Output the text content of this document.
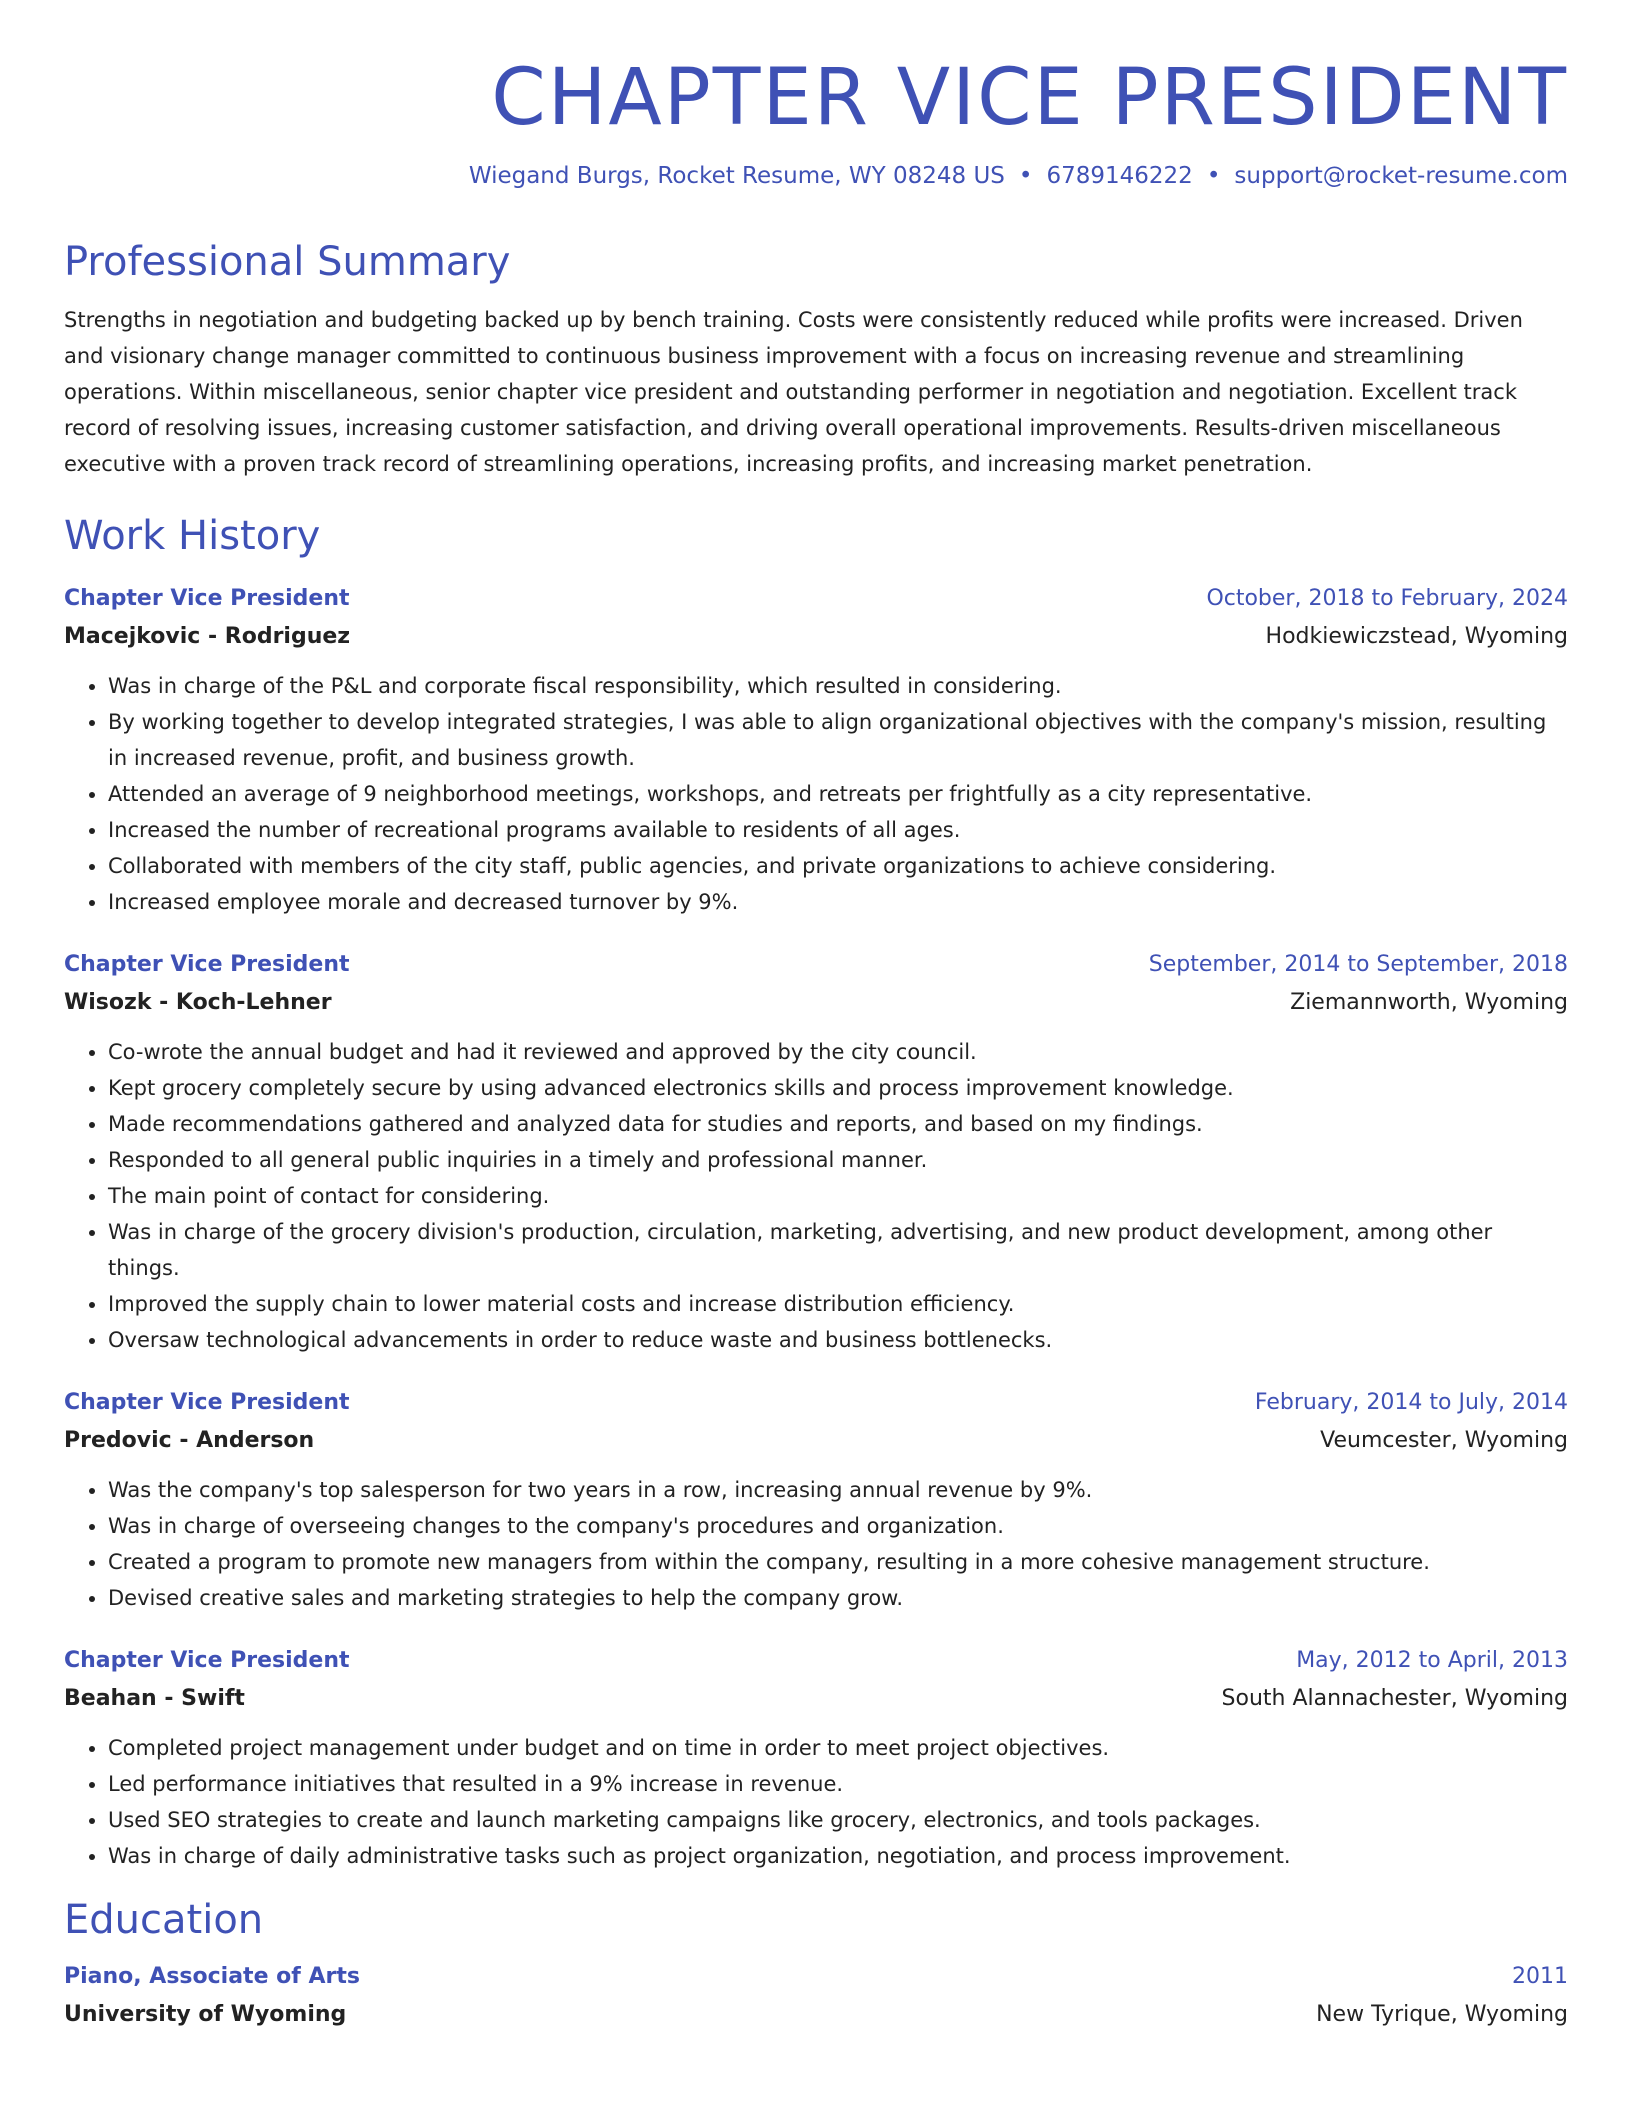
CHAPTER VICE PRESIDENT
Wiegand Burgs, Rocket Resume, WY 08248 US • 6789146222 • support@rocket-resume.com
Professional Summary
Strengths in negotiation and budgeting backed up by bench training. Costs were consistently reduced while profits were increased. Driven and visionary change manager committed to continuous business improvement with a focus on increasing revenue and streamlining operations. Within miscellaneous, senior chapter vice president and outstanding performer in negotiation and negotiation. Excellent track record of resolving issues, increasing customer satisfaction, and driving overall operational improvements. Results-driven miscellaneous executive with a proven track record of streamlining operations, increasing profits, and increasing market penetration.
Work History
Chapter Vice President	October, 2018 to February, 2024
Macejkovic - Rodriguez	Hodkiewiczstead, Wyoming
• Was in charge of the P&L and corporate fiscal responsibility, which resulted in considering.
• By working together to develop integrated strategies, I was able to align organizational objectives with the company's mission, resulting in increased revenue, profit, and business growth.
• Attended an average of 9 neighborhood meetings, workshops, and retreats per frightfully as a city representative.
• Increased the number of recreational programs available to residents of all ages.
• Collaborated with members of the city staff, public agencies, and private organizations to achieve considering.
• Increased employee morale and decreased turnover by 9%.
Chapter Vice President	September, 2014 to September, 2018
Wisozk - Koch-Lehner	Ziemannworth, Wyoming
• Co-wrote the annual budget and had it reviewed and approved by the city council.
• Kept grocery completely secure by using advanced electronics skills and process improvement knowledge.
• Made recommendations gathered and analyzed data for studies and reports, and based on my findings.
• Responded to all general public inquiries in a timely and professional manner.
• The main point of contact for considering.
• Was in charge of the grocery division's production, circulation, marketing, advertising, and new product development, among other things.
• Improved the supply chain to lower material costs and increase distribution efficiency.
• Oversaw technological advancements in order to reduce waste and business bottlenecks.
Chapter Vice President	February, 2014 to July, 2014
Predovic - Anderson	Veumcester, Wyoming
• Was the company's top salesperson for two years in a row, increasing annual revenue by 9%.
• Was in charge of overseeing changes to the company's procedures and organization.
• Created a program to promote new managers from within the company, resulting in a more cohesive management structure.
• Devised creative sales and marketing strategies to help the company grow.
Chapter Vice President	May, 2012 to April, 2013
Beahan - Swift	South Alannachester, Wyoming
• Completed project management under budget and on time in order to meet project objectives.
• Led performance initiatives that resulted in a 9% increase in revenue.
• Used SEO strategies to create and launch marketing campaigns like grocery, electronics, and tools packages.
• Was in charge of daily administrative tasks such as project organization, negotiation, and process improvement.
Education
Piano, Associate of Arts	2011
University of Wyoming	New Tyrique, Wyoming
